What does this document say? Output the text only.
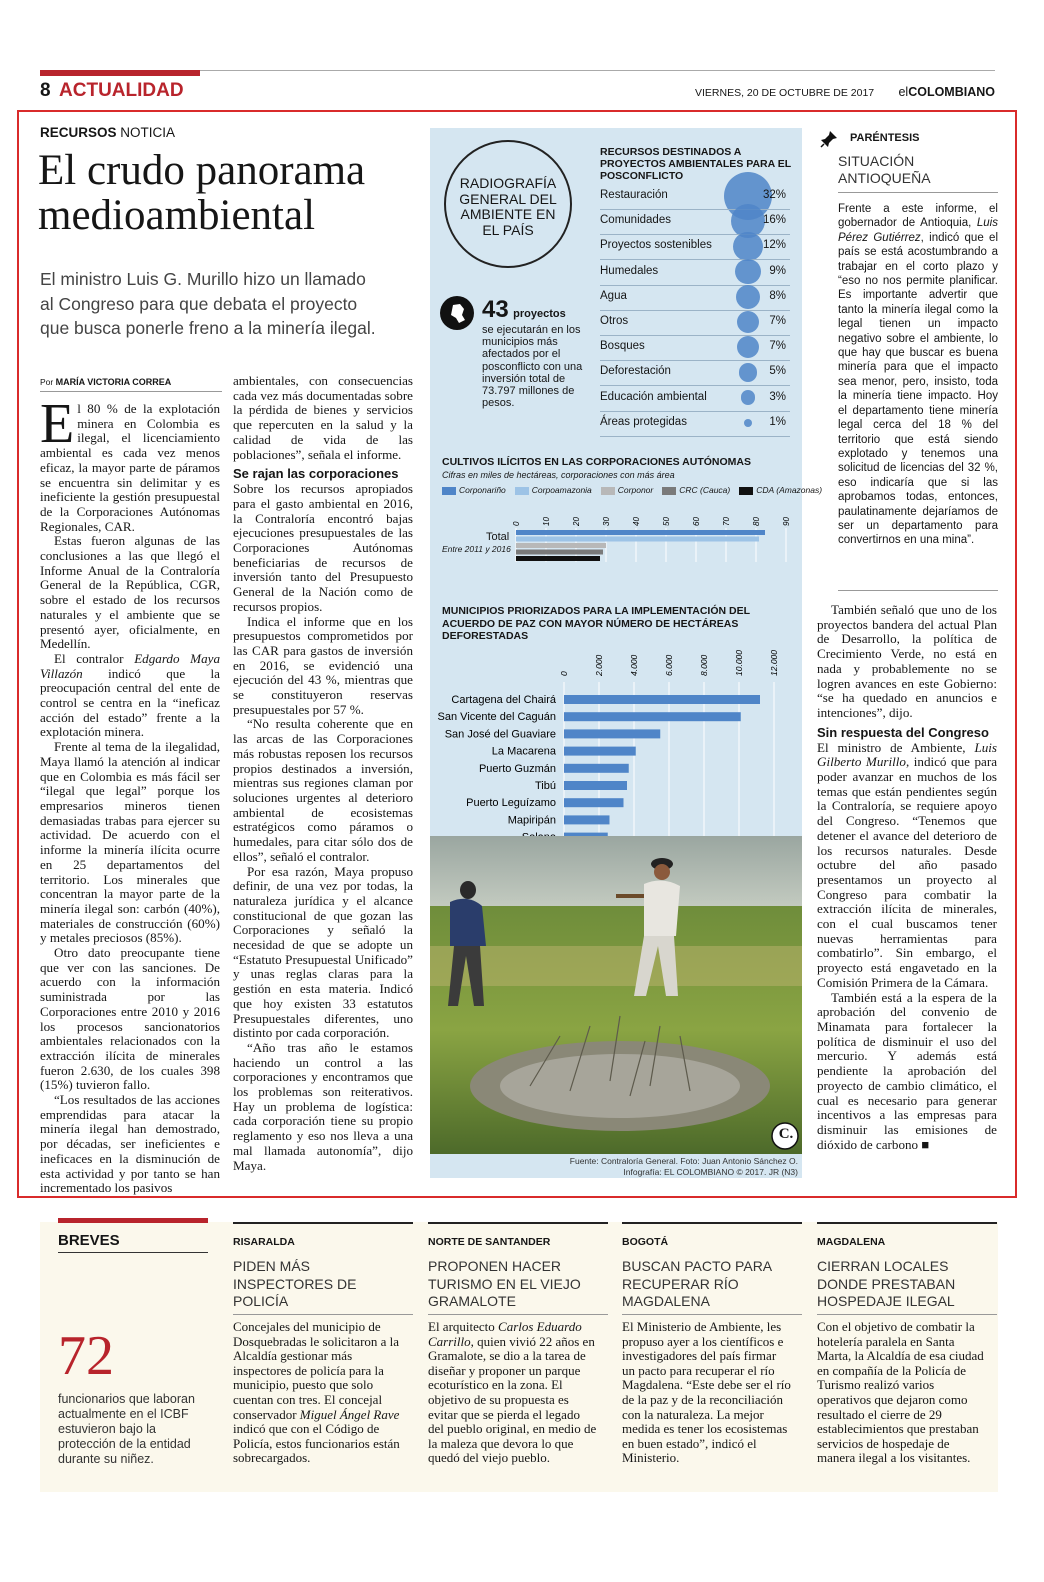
8 ACTUALIDAD	VIERNES, 20 DE OCTUBRE DE 2017 elCOLOMBIANO
RECURSOS NOTICIA
El crudo panorama
medioambiental
El ministro Luis G. Murillo hizo un llamado
al Congreso para que debata el proyecto
que busca ponerle freno a la minería ilegal.
Por MARÍA VICTORIA CORREA

El 80 % de la explotación minera en Colombia es ilegal, el licenciamiento ambiental es cada vez menos eficaz, la mayor parte de páramos se encuentra sin delimitar y es ineficiente la gestión presupuestal de la Corporaciones Autónomas Regionales, CAR.

Estas fueron algunas de las conclusiones a las que llegó el Informe Anual de la Contraloría General de la República, CGR, sobre el estado de los recursos naturales y el ambiente que se presentó ayer, oficialmente, en Medellín.

El contralor Edgardo Maya Villazón indicó que la preocupación central del ente de control se centra en la “ineficaz acción del estado” frente a la explotación minera.

Frente al tema de la ilegalidad, Maya llamó la atención al indicar que en Colombia es más fácil ser “ilegal que legal” porque los empresarios mineros tienen demasiadas trabas para ejercer su actividad. De acuerdo con el informe la minería ilícita ocurre en 25 departamentos del territorio. Los minerales que concentran la mayor parte de la minería ilegal son: carbón (40%), materiales de construcción (60%) y metales preciosos (85%).

Otro dato preocupante tiene que ver con las sanciones. De acuerdo con la información suministrada por las Corporaciones entre 2010 y 2016 los procesos sancionatorios ambientales relacionados con la extracción ilícita de minerales fueron 2.630, de los cuales 398 (15%) tuvieron fallo.

“Los resultados de las acciones emprendidas para atacar la minería ilegal han demostrado, por décadas, ser ineficientes e ineficaces en la disminución de esta actividad y por tanto se han incrementado los pasivos

ambientales, con consecuencias cada vez más documentadas sobre la pérdida de bienes y servicios que repercuten en la salud y la calidad de vida de las poblaciones”, señala el informe.

Se rajan las corporaciones

Sobre los recursos apropiados para el gasto ambiental en 2016, la Contraloría encontró bajas ejecuciones presupuestales de las Corporaciones Autónomas beneficiarias de recursos de inversión tanto del Presupuesto General de la Nación como de recursos propios.

Indica el informe que en los presupuestos comprometidos por las CAR para gastos de inversión en 2016, se evidenció una ejecución del 43 %, mientras que se constituyeron reservas presupuestales por 57 %.

“No resulta coherente que en las arcas de las Corporaciones más robustas reposen los recursos propios destinados a inversión, mientras sus regiones claman por soluciones urgentes al deterioro ambiental de ecosistemas estratégicos como páramos o humedales, para citar sólo dos de ellos”, señaló el contralor.

Por esa razón, Maya propuso definir, de una vez por todas, la naturaleza jurídica y el alcance constitucional de que gozan las Corporaciones y señaló la necesidad de que se adopte un “Estatuto Presupuestal Unificado” y unas reglas claras para la gestión en esta materia. Indicó que hoy existen 33 estatutos Presupuestales diferentes, uno distinto por cada corporación.

“Año tras año le estamos haciendo un control a las corporaciones y encontramos que los problemas son reiterativos. Hay un problema de logística: cada corporación tiene su propio reglamento y eso nos lleva a una mal llamada autonomía”, dijo Maya.

RADIOGRAFÍA
GENERAL DEL
AMBIENTE EN
EL PAÍS
43 proyectos
se ejecutarán en los municipios más afectados por el posconflicto con una inversión total de 73.797 millones de pesos.
RECURSOS DESTINADOS A PROYECTOS AMBIENTALES PARA EL POSCONFLICTO
CULTIVOS ILÍCITOS EN LAS CORPORACIONES AUTÓNOMAS
Cifras en miles de hectáreas, corporaciones con más área
Corponariño	Corpoamazonia	Corponor	CRC (Cauca)	CDA (Amazonas)
0	10	20	30	40	50	60	70	80	90
Total
Entre 2011 y 2016
MUNICIPIOS PRIORIZADOS PARA LA IMPLEMENTACIÓN DEL ACUERDO DE PAZ CON MAYOR NÚMERO DE HECTÁREAS DEFORESTADAS
0	2.000	4.000	6.000	8.000	10.000	12.000
Cartagena del Chairá
San Vicente del Caguán
San José del Guaviare
La Macarena
Puerto Guzmán
Tibú
Puerto Leguízamo
Mapiripán
C.
Fuente: Contraloría General. Foto: Juan Antonio Sánchez O.
Infografía: EL COLOMBIANO © 2017. JR (N3)
Restauración	32%
Comunidades	16%
Proyectos sostenibles	12%
Humedales	9%
Agua	8%
Otros	7%
Bosques	7%
Deforestación	5%
Educación ambiental	3%
Áreas protegidas	1%
PARÉNTESIS
SITUACIÓN
ANTIOQUEÑA
Frente a este informe, el gobernador de Antioquia, Luis Pérez Gutiérrez, indicó que el país se está acostumbrando a trabajar en el corto plazo y “eso no nos permite planificar. Es importante advertir que tanto la minería ilegal como la legal tienen un impacto negativo sobre el ambiente, lo que hay que buscar es buena minería para que el impacto sea menor, pero, insisto, toda la minería tiene impacto. Hoy el departamento tiene minería legal cerca del 18 % del territorio que está siendo explotado y tenemos una solicitud de licencias del 32 %, eso indicaría que si las aprobamos todas, entonces, paulatinamente dejaríamos de ser un departamento para convertirnos en una mina”.

También señaló que uno de los proyectos bandera del actual Plan de Desarrollo, la política de Crecimiento Verde, no está en nada y probablemente no se logren avances en este Gobierno: “se ha quedado en anuncios e intenciones”, dijo.

Sin respuesta del Congreso

El ministro de Ambiente, Luis Gilberto Murillo, indicó que para poder avanzar en muchos de los temas que están pendientes según la Contraloría, se requiere apoyo del Congreso. “Tenemos que detener el avance del deterioro de los recursos naturales. Desde octubre del año pasado presentamos un proyecto al Congreso para combatir la extracción ilícita de minerales, con el cual buscamos tener nuevas herramientas para combatirlo”. Sin embargo, el proyecto está engavetado en la Comisión Primera de la Cámara.

También está a la espera de la aprobación del convenio de Minamata para fortalecer la política de disminuir el uso del mercurio. Y además está pendiente la aprobación del proyecto de cambio climático, el cual es necesario para generar incentivos a las empresas para disminuir las emisiones de dióxido de carbono ■

BREVES
72
funcionarios que laboran actualmente en el ICBF estuvieron bajo la protección de la entidad durante su niñez.
RISARALDA
PIDEN MÁS
INSPECTORES DE
POLICÍA
Concejales del municipio de Dosquebradas le solicitaron a la Alcaldía gestionar más inspectores de policía para la municipio, puesto que solo cuentan con tres. El concejal conservador Miguel Ángel Rave indicó que con el Código de Policía, estos funcionarios están sobrecargados.
NORTE DE SANTANDER
PROPONEN HACER
TURISMO EN EL VIEJO
GRAMALOTE
El arquitecto Carlos Eduardo Carrillo, quien vivió 22 años en Gramalote, se dio a la tarea de diseñar y proponer un parque ecoturístico en la zona. El objetivo de su propuesta es evitar que se pierda el legado del pueblo original, en medio de la maleza que devora lo que quedó del viejo pueblo.
BOGOTÁ
BUSCAN PACTO PARA
RECUPERAR RÍO
MAGDALENA
El Ministerio de Ambiente, les propuso ayer a los científicos e investigadores del país firmar un pacto para recuperar el río Magdalena. “Este debe ser el río de la paz y de la reconciliación con la naturaleza. La mejor medida es tener los ecosistemas en buen estado”, indicó el Ministerio.
MAGDALENA
CIERRAN LOCALES
DONDE PRESTABAN
HOSPEDAJE ILEGAL
Con el objetivo de combatir la hotelería paralela en Santa Marta, la Alcaldía de esa ciudad en compañía de la Policía de Turismo realizó varios operativos que dejaron como resultado el cierre de 29 establecimientos que prestaban servicios de hospedaje de manera ilegal a los visitantes.
